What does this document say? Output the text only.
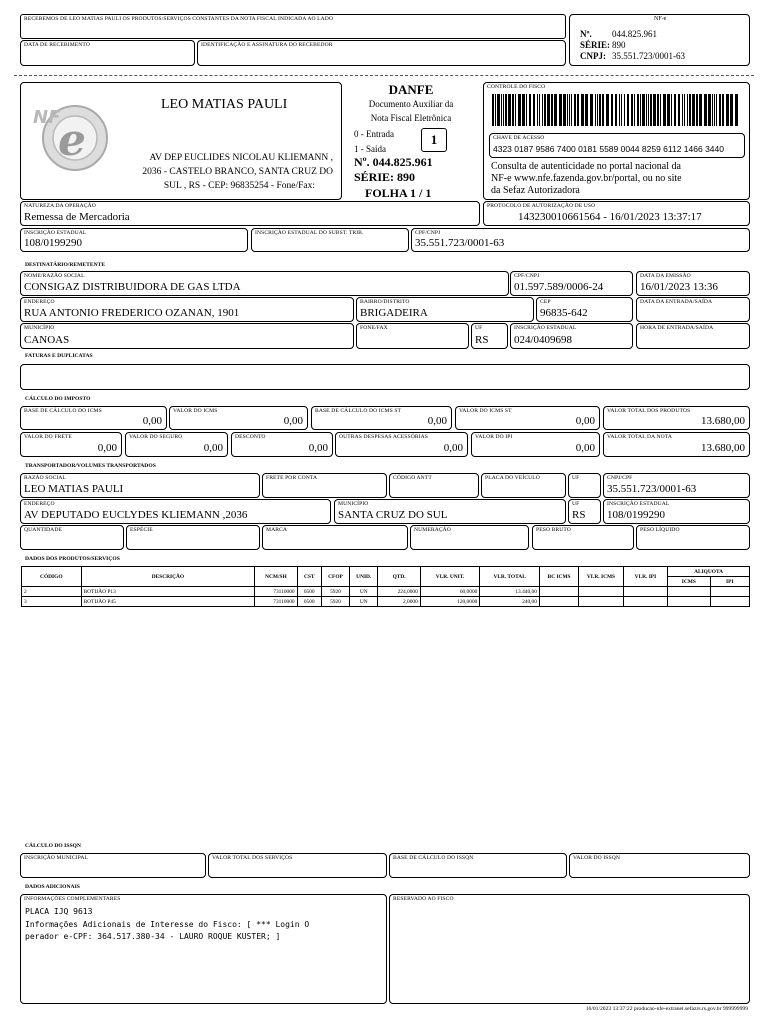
RECEBEMOS DE LEO MATIAS PAULI OS PRODUTOS/SERVIÇOS CONSTANTES DA NOTA FISCAL INDICADA AO LADO
DATA DE RECEBIMENTO	IDENTIFICAÇÃO E ASSINATURA DO RECEBEDOR
NF-e
Nº. 044.825.961
SÉRIE: 890
CNPJ: 35.551.723/0001-63
e
NF
LEO MATIAS PAULI
AV DEP EUCLIDES NICOLAU KLIEMANN ,
2036 - CASTELO BRANCO, SANTA CRUZ DO
SUL , RS - CEP: 96835254 - Fone/Fax:
DANFE
Documento Auxiliar da
Nota Fiscal Eletrônica
0 - Entrada
1 - Saída
1
Nº. 044.825.961
SÉRIE: 890
FOLHA 1 / 1
CONTROLE DO FISCO
CHAVE DE ACESSO
4323 0187 9586 7400 0181 5589 0044 8259 6112 1466 3440
Consulta de autenticidade no portal nacional da
NF-e www.nfe.fazenda.gov.br/portal, ou no site
da Sefaz Autorizadora
NATUREZA DA OPERAÇÃO
Remessa de Mercadoria
PROTOCOLO DE AUTORIZAÇÃO DE USO
143230010661564 - 16/01/2023 13:37:17
INSCRIÇÃO ESTADUAL
108/0199290
INSCRIÇÃO ESTADUAL DO SUBST. TRIB.	CPF/CNPJ
35.551.723/0001-63
DESTINATÁRIO/REMETENTE
NOME/RAZÃO SOCIAL
CONSIGAZ DISTRIBUIDORA DE GAS LTDA
CPF/CNPJ
01.597.589/0006-24
DATA DA EMISSÃO
16/01/2023 13:36
ENDEREÇO
RUA ANTONIO FREDERICO OZANAN, 1901
BAIRRO/DISTRITO
BRIGADEIRA
CEP
96835-642
DATA DA ENTRADA/SAÍDA
MUNICÍPIO
CANOAS
FONE/FAX	UF
RS
INSCRIÇÃO ESTADUAL
024/0409698
HORA DE ENTRADA/SAÍDA
FATURAS E DUPLICATAS
CÁLCULO DO IMPOSTO
BASE DE CÁLCULO DO ICMS
0,00
VALOR DO ICMS
0,00
BASE DE CÁLCULO DO ICMS ST
0,00
VALOR DO ICMS ST
0,00
VALOR TOTAL DOS PRODUTOS
13.680,00
VALOR DO FRETE
0,00
VALOR DO SEGURO
0,00
DESCONTO
0,00
OUTRAS DESPESAS ACESSÓRIAS
0,00
VALOR DO IPI
0,00
VALOR TOTAL DA NOTA
13.680,00
TRANSPORTADOR/VOLUMES TRANSPORTADOS
RAZÃO SOCIAL
LEO MATIAS PAULI
FRETE POR CONTA	CÓDIGO ANTT	PLACA DO VEÍCULO	UF	CNPJ/CPF
35.551.723/0001-63
ENDEREÇO
AV DEPUTADO EUCLYDES KLIEMANN ,2036
MUNICÍPIO
SANTA CRUZ DO SUL
UF
RS
INSCRIÇÃO ESTADUAL
108/0199290
QUANTIDADE	ESPÉCIE	MARCA	NUMERAÇÃO	PESO BRUTO	PESO LÍQUIDO
DADOS DOS PRODUTOS/SERVIÇOS
CÓDIGO	DESCRIÇÃO	NCM/SH	CST	CFOP	UNID.	QTD.	VLR. UNIT.	VLR. TOTAL	BC ICMS	VLR. ICMS	VLR. IPI	ALIQUOTA	
												ICMS	IPI
2	BOTIJÃO P13	73110000	0500	5920	UN	224,0000	60,0000	13.440,00					
3	BOTIJÃO P45	73110000	0500	5920	UN	2,0000	120,0000	240,00					
CÁLCULO DO ISSQN
INSCRIÇÃO MUNICIPAL	VALOR TOTAL DOS SERVIÇOS	BASE DE CÁLCULO DO ISSQN	VALOR DO ISSQN
DADOS ADICIONAIS
INFORMAÇÕES COMPLEMENTARES
PLACA IJQ 9613
Informações Adicionais de Interesse do Fisco: [ *** Login O
perador e-CPF: 364.517.380-34 - LAURO ROQUE KUSTER; ]
RESERVADO AO FISCO
16/01/2023 13:37:22 producao-nfe-extranet.sefazrs.rs.gov.br 999999999
